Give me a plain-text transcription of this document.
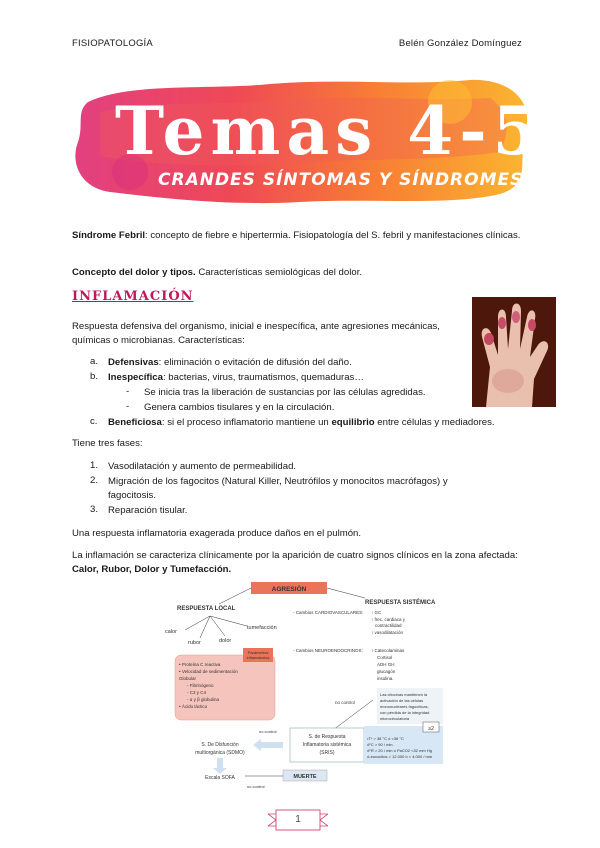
FISIOPATOLOGÍA	Belén González Domínguez
Temas 4-5
CRANDES SÍNTOMAS Y SÍNDROMES
Síndrome Febril: concepto de fiebre e hipertermia. Fisiopatología del S. febril y manifestaciones clínicas.
Concepto del dolor y tipos. Características semiológicas del dolor.
INFLAMACIÓN
Respuesta defensiva del organismo, inicial e inespecífica, ante agresiones mecánicas, químicas o microbianas. Características:
a. Defensivas: eliminación o evitación de difusión del daño.
b. Inespecífica: bacterias, virus, traumatismos, quemaduras…
- Se inicia tras la liberación de sustancias por las células agredidas.
- Genera cambios tisulares y en la circulación.
c. Beneficiosa: si el proceso inflamatorio mantiene un equilibrio entre células y mediadores.
Tiene tres fases:
1. Vasodilatación y aumento de permeabilidad.
2. Migración de los fagocitos (Natural Killer, Neutrófilos y monocitos macrófagos) y fagocitosis.
3. Reparación tisular.
Una respuesta inflamatoria exagerada produce daños en el pulmón.
La inflamación se caracteriza clínicamente por la aparición de cuatro signos clínicos en la zona afectada: Calor, Rubor, Dolor y Tumefacción.
AGRESIÓN
RESPUESTA LOCAL
RESPUESTA SISTÉMICA
calor
rubor	dolor
tumefacción
- Cambios CARDIOVASCULARES: ↑ GC
↑ frec. cardiaca y
contractilidad
↑ vasodilatación
- Cambios NEUROENDOCRINOS: ↑ Catecolaminas
Cortisol
ADH GH
glucagón
insulina.
Parámetros
inflamatorios
• Proteína C reactiva
• Velocidad de sedimentación
Globular
- Fibrinógeno
- C3 y C4
- α y β globulina
• Ácido láctico
Las citocinas mantienen la
activación de las células
mononucleares fagocíticas,
con pérdida de la integridad
microcirculatoria
no control
S. de Respuesta
Inflamatoria sistémica
(SRIS)
≥2
•T* > 38 °C ó <36 °C
•FC > 90 / min.
•FR > 20 / min o PaCO2 <32 mm Hg
•Leucocitos > 12.000 ó < 4.000 / mm
S. De Disfunción
multiorgánica (SDMO)
no control
Escala SOFA	MUERTE
no control
1
